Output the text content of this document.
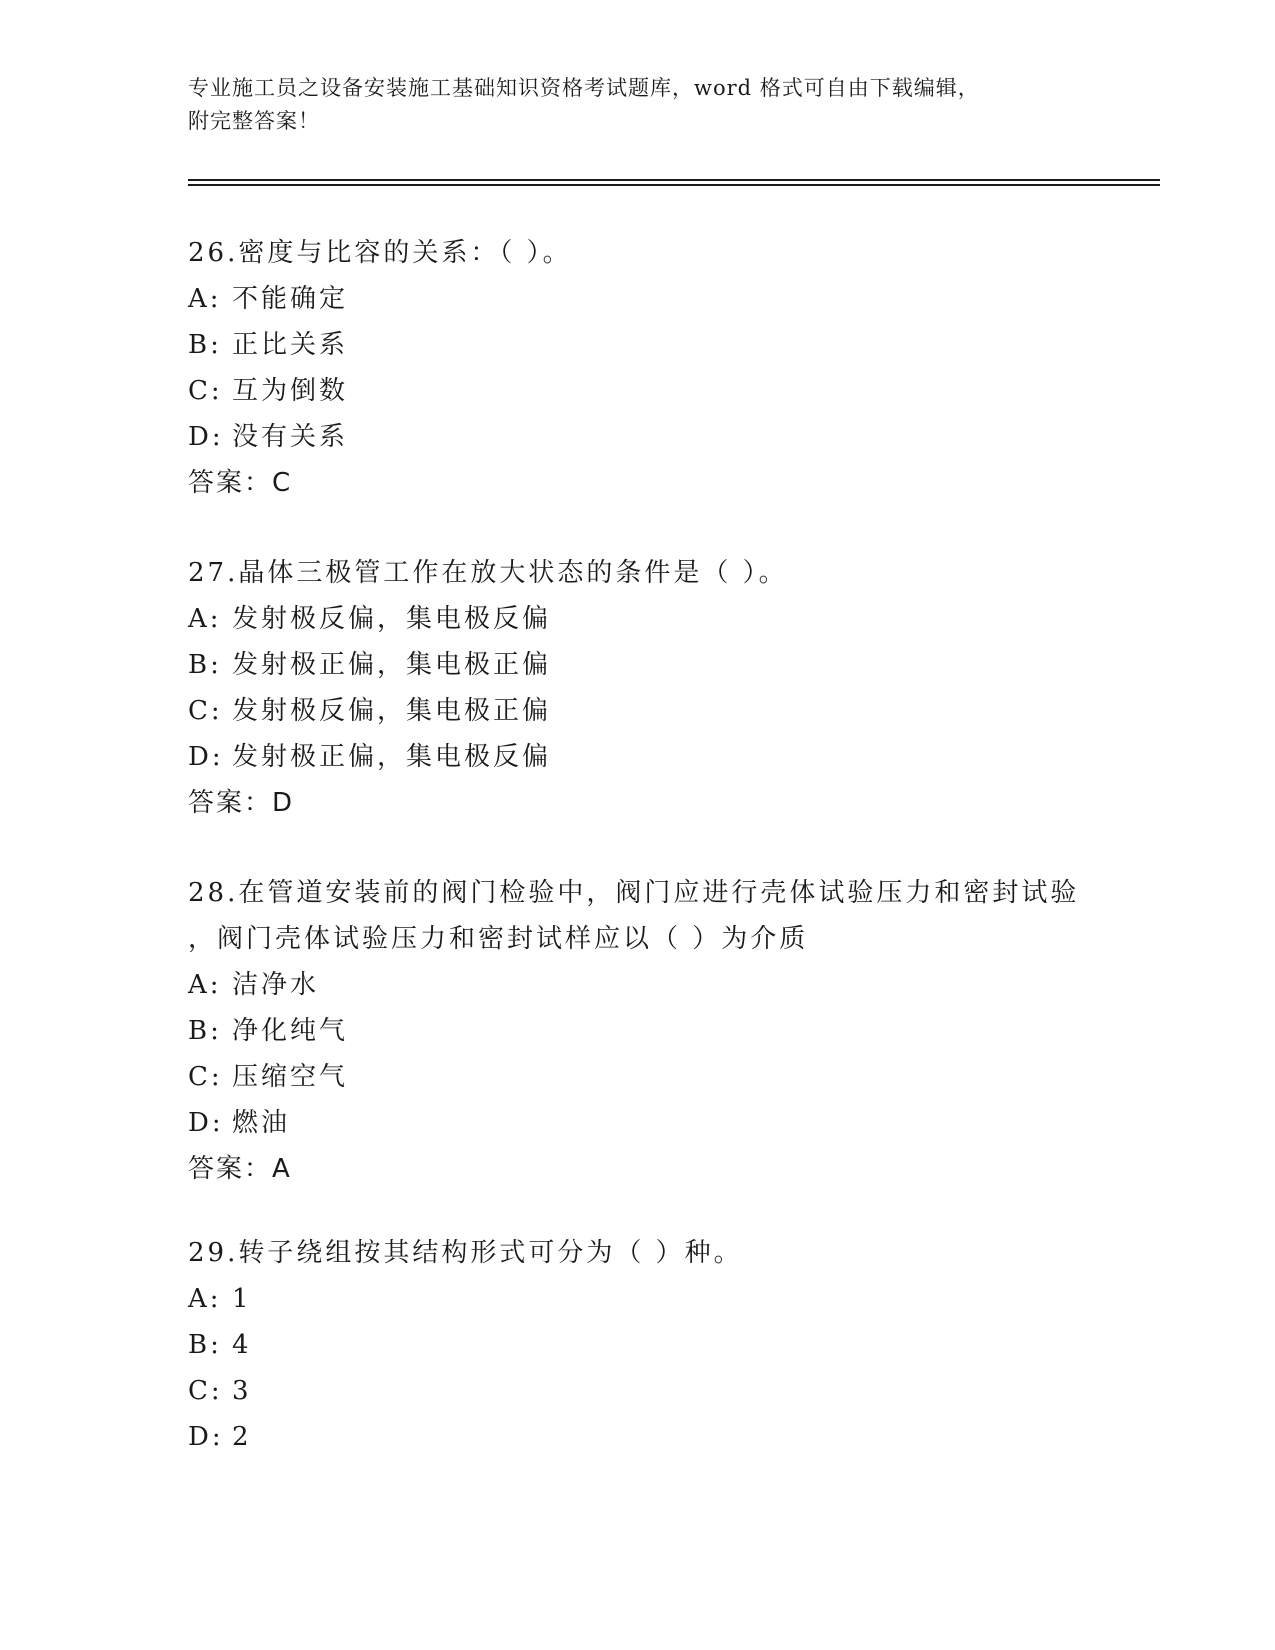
专业施工员之设备安装施工基础知识资格考试题库，word 格式可自由下载编辑，
附完整答案！

26.密度与比容的关系：（ ）。

A: 不能确定

B: 正比关系

C: 互为倒数

D: 没有关系

答案：C

27.晶体三极管工作在放大状态的条件是（ ）。

A: 发射极反偏，集电极反偏

B: 发射极正偏，集电极正偏

C: 发射极反偏，集电极正偏

D: 发射极正偏，集电极反偏

答案：D

28.在管道安装前的阀门检验中，阀门应进行壳体试验压力和密封试验

，阀门壳体试验压力和密封试样应以（ ）为介质

A: 洁净水

B: 净化纯气

C: 压缩空气

D: 燃油

答案：A

29.转子绕组按其结构形式可分为（ ）种。

A: 1

B: 4

C: 3

D: 2
